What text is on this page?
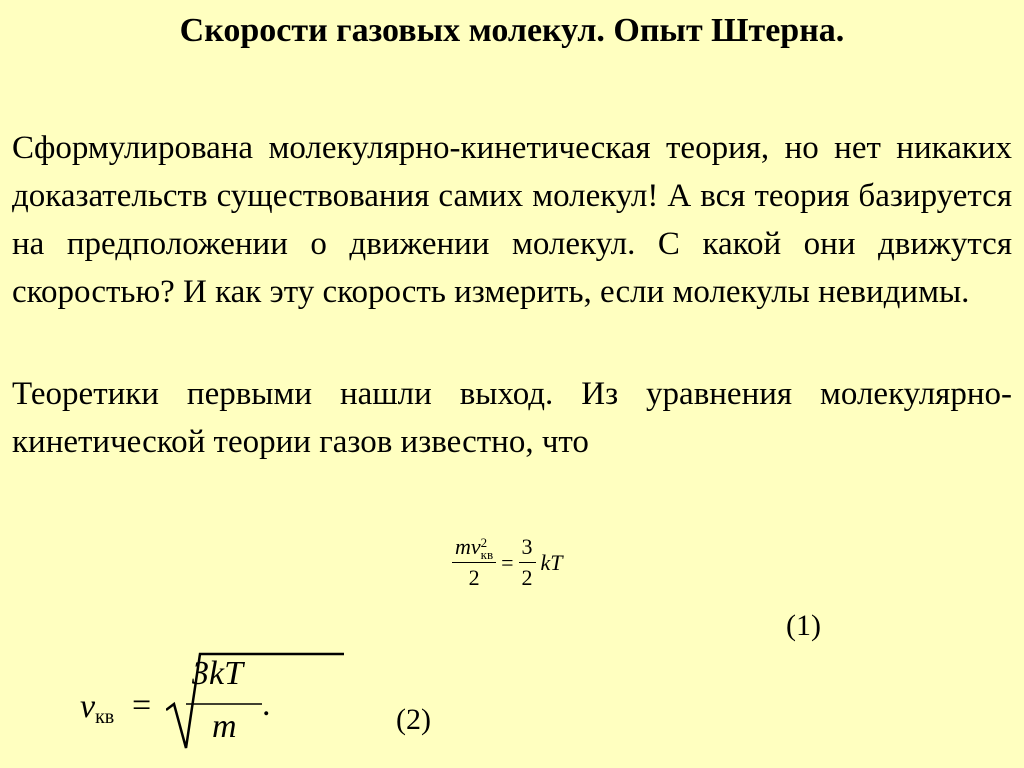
Скорости газовых молекул. Опыт Штерна.
Сформулирована молекулярно-кинетическая теория, но нет никаких доказательств существования самих молекул! А вся теория базируется на предположении о движении молекул. С какой они движутся скоростью? И как эту скорость измерить, если молекулы невидимы.
Теоретики первыми нашли выход. Из уравнения молекулярно-кинетической теории газов известно, что
mv 2
кв
$2 = \frac{3}{2}$ kT
(1)
$v_{кв}$ =
3kT
m
.	(2)
